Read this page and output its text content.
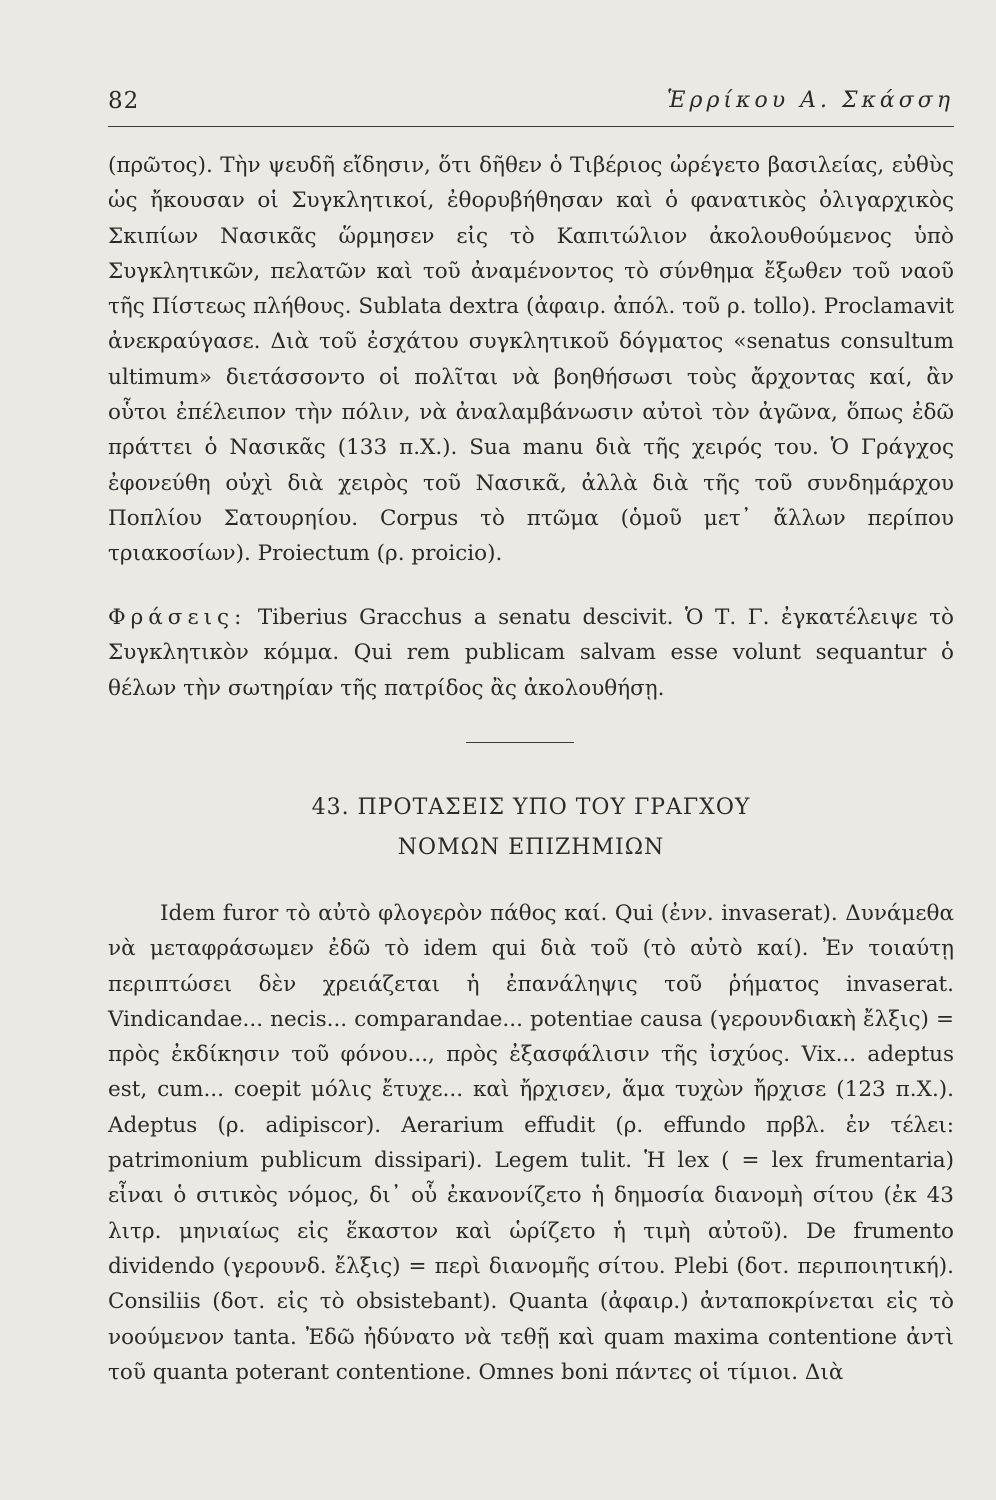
82	Ἑρρίκου Α. Σκάσση

(πρῶτος). Τὴν ψευδῆ εἴδησιν, ὅτι δῆθεν ὁ Τιβέριος ὠρέγετο βασιλείας, εὐθὺς ὡς ἤκουσαν οἱ Συγκλητικοί, ἐθορυβήθησαν καὶ ὁ φανατικὸς ὀλιγαρχικὸς Σκιπίων Νασικᾶς ὥρμησεν εἰς τὸ Καπιτώλιον ἀκολουθούμενος ὑπὸ Συγκλητικῶν, πελατῶν καὶ τοῦ ἀναμένοντος τὸ σύνθημα ἔξωθεν τοῦ ναοῦ τῆς Πίστεως πλήθους. Sublata dextra (ἀφαιρ. ἀπόλ. τοῦ ρ. tollo). Proclamavit ἀνεκραύγασε. Διὰ τοῦ ἐσχάτου συγκλητικοῦ δόγματος «senatus consultum ultimum» διετάσσοντο οἱ πολῖται νὰ βοηθήσωσι τοὺς ἄρχοντας καί, ἂν οὗτοι ἐπέλειπον τὴν πόλιν, νὰ ἀναλαμβάνωσιν αὐτοὶ τὸν ἀγῶνα, ὅπως ἐδῶ πράττει ὁ Νασικᾶς (133 π.Χ.). Sua manu διὰ τῆς χειρός του. Ὁ Γράγχος ἐφονεύθη οὐχὶ διὰ χειρὸς τοῦ Νασικᾶ, ἀλλὰ διὰ τῆς τοῦ συνδημάρχου Ποπλίου Σατουρηίου. Corpus τὸ πτῶμα (ὁμοῦ μετ᾽ ἄλλων περίπου τριακοσίων). Proiectum (ρ. proicio).

Φράσεις: Tiberius Gracchus a senatu descivit. Ὁ Τ. Γ. ἐγκατέλειψε τὸ Συγκλητικὸν κόμμα. Qui rem publicam salvam esse volunt sequantur ὁ θέλων τὴν σωτηρίαν τῆς πατρίδος ἂς ἀκολουθήσῃ.

43. ΠΡΟΤΑΣΕΙΣ ΥΠΟ ΤΟΥ ΓΡΑΓΧΟΥ
ΝΟΜΩΝ ΕΠΙΖΗΜΙΩΝ

Idem furor τὸ αὐτὸ φλογερὸν πάθος καί. Qui (ἐνν. invaserat). Δυνάμεθα νὰ μεταφράσωμεν ἐδῶ τὸ idem qui διὰ τοῦ (τὸ αὐτὸ καί). Ἐν τοιαύτῃ περιπτώσει δὲν χρειάζεται ἡ ἐπανάληψις τοῦ ῥήματος invaserat. Vindicandae... necis... comparandae... potentiae causa (γερουνδιακὴ ἔλξις) = πρὸς ἐκδίκησιν τοῦ φόνου..., πρὸς ἐξασφάλισιν τῆς ἰσχύος. Vix... adeptus est, cum... coepit μόλις ἔτυχε... καὶ ἤρχισεν, ἅμα τυχὼν ἤρχισε (123 π.Χ.). Adeptus (ρ. adipiscor). Aerarium effudit (ρ. effundo πρβλ. ἐν τέλει: patrimonium publicum dissipari). Legem tulit. Ἡ lex ( = lex frumentaria) εἶναι ὁ σιτικὸς νόμος, δι᾽ οὗ ἐκανονίζετο ἡ δημοσία διανομὴ σίτου (ἐκ 43 λιτρ. μηνιαίως εἰς ἕκαστον καὶ ὡρίζετο ἡ τιμὴ αὐτοῦ). De frumento dividendo (γερουνδ. ἔλξις) = περὶ διανομῆς σίτου. Plebi (δοτ. περιποιητική). Consiliis (δοτ. εἰς τὸ obsistebant). Quanta (ἀφαιρ.) ἀνταποκρίνεται εἰς τὸ νοούμενον tanta. Ἐδῶ ἠδύνατο νὰ τεθῇ καὶ quam maxima contentione ἀντὶ τοῦ quanta poterant contentione. Omnes boni πάντες οἱ τίμιοι. Διὰ
